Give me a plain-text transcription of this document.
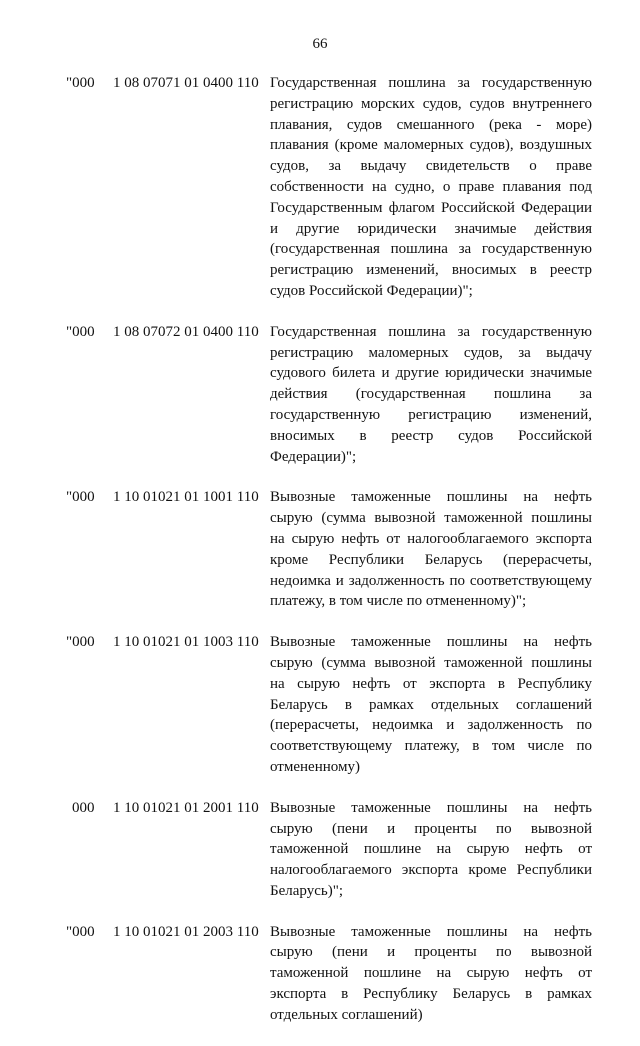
66
"000 1 08 07071 01 0400 110 Государственная пошлина за государственную
регистрацию морских судов, судов внутреннего
плавания, судов смешанного (река - море)
плавания (кроме маломерных судов), воздушных
судов, за выдачу свидетельств о праве
собственности на судно, о праве плавания под
Государственным флагом Российской Федерации
и другие юридически значимые действия
(государственная пошлина за государственную
регистрацию изменений, вносимых в реестр
судов Российской Федерации)";
"000 1 08 07072 01 0400 110 Государственная пошлина за государственную
регистрацию маломерных судов, за выдачу
судового билета и другие юридически значимые
действия (государственная пошлина за
государственную регистрацию изменений,
вносимых в реестр судов Российской
Федерации)";
"000 1 10 01021 01 1001 110 Вывозные таможенные пошлины на нефть
сырую (сумма вывозной таможенной пошлины
на сырую нефть от налогооблагаемого экспорта
кроме Республики Беларусь (перерасчеты,
недоимка и задолженность по соответствующему
платежу, в том числе по отмененному)";
"000 1 10 01021 01 1003 110 Вывозные таможенные пошлины на нефть
сырую (сумма вывозной таможенной пошлины
на сырую нефть от экспорта в Республику
Беларусь в рамках отдельных соглашений
(перерасчеты, недоимка и задолженность по
соответствующему платежу, в том числе по
отмененному)
000 1 10 01021 01 2001 110 Вывозные таможенные пошлины на нефть
сырую (пени и проценты по вывозной
таможенной пошлине на сырую нефть от
налогооблагаемого экспорта кроме Республики
Беларусь)";
"000 1 10 01021 01 2003 110 Вывозные таможенные пошлины на нефть
сырую (пени и проценты по вывозной
таможенной пошлине на сырую нефть от
экспорта в Республику Беларусь в рамках
отдельных соглашений)
